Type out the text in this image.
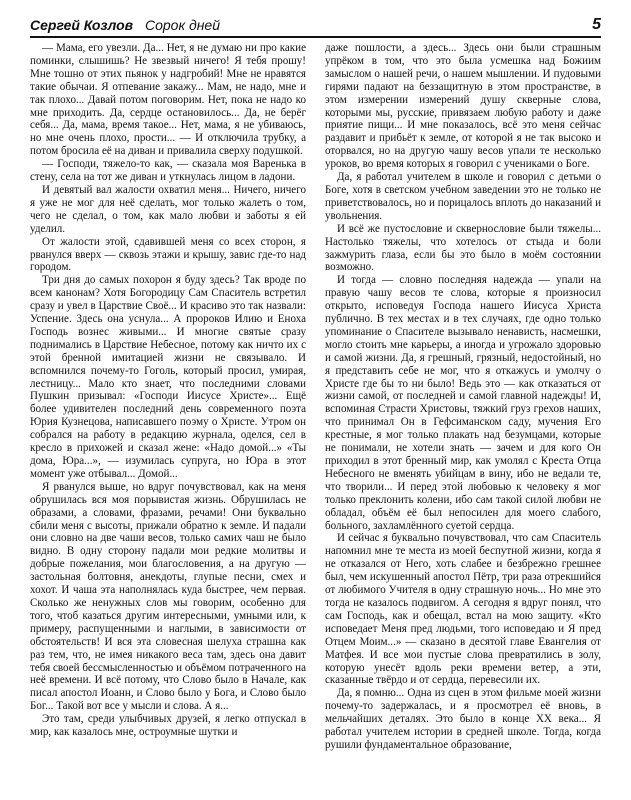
Сергей Козлов Сорок дней	5

— Мама, его увезли. Да... Нет, я не думаю ни про какие поминки, слышишь? Не звезвый ничего! Я тебя прошу! Мне тошно от этих пьянок у надгробий! Мне не нравятся такие обычаи. Я отпевание закажу... Мам, не надо, мне и так плохо... Давай потом поговорим. Нет, пока не надо ко мне приходить. Да, сердце остановилось... Да, не берёг себя... Да, мама, время такое... Нет, мама, я не убиваюсь, но мне очень плохо, прости... — И отключила трубку, а потом бросила её на диван и привалила сверху подушкой.

— Господи, тяжело-то как, — сказала моя Варенька в стену, села на тот же диван и уткнулась лицом в ладони.

И девятый вал жалости охватил меня... Ничего, ничего я уже не мог для неё сделать, мог только жалеть о том, чего не сделал, о том, как мало любви и заботы я ей уделил.

От жалости этой, сдавившей меня со всех сторон, я рванулся вверх — сквозь этажи и крышу, завис где-то над городом.

Три дня до самых похорон я буду здесь? Так вроде по всем канонам? Хотя Богородицу Сам Спаситель встретил сразу и увел в Царствие Своё... И красиво это так назвали: Успение. Здесь она уснула... А пророков Илию и Еноха Господь вознес живыми... И многие святые сразу поднимались в Царствие Небесное, потому как ничто их с этой бренной имитацией жизни не связывало. И вспомнился почему-то Гоголь, который просил, умирая, лестницу... Мало кто знает, что последними словами Пушкин призывал: «Господи Иисусе Христе»... Ещё более удивителен последний день современного поэта Юрия Кузнецова, написавшего поэму о Христе. Утром он собрался на работу в редакцию журнала, оделся, сел в кресло в прихожей и сказал жене: «Надо домой...» «Ты дома, Юра...», — изумилась супруга, но Юра в этот момент уже отбывал... Домой...

Я рванулся выше, но вдруг почувствовал, как на меня обрушилась вся моя порывистая жизнь. Обрушилась не образами, а словами, фразами, речами! Они буквально сбили меня с высоты, прижали обратно к земле. И падали они словно на две чаши весов, только самих чаш не было видно. В одну сторону падали мои редкие молитвы и добрые пожелания, мои благословения, а на другую — застольная болтовня, анекдоты, глупые песни, смех и хохот. И чаша эта наполнялась куда быстрее, чем первая. Сколько же ненужных слов мы говорим, особенно для того, чтоб казаться другим интересными, умными или, к примеру, распущенными и наглыми, в зависимости от обстоятельств! И вся эта словесная шелуха страшна как раз тем, что, не имея никакого веса там, здесь она давит тебя своей бессмысленностью и объёмом потраченного на неё времени. И всё потому, что Слово было в Начале, как писал апостол Иоанн, и Слово было у Бога, и Слово было Бог... Такой вот все у мысли и слова. А я...

Это там, среди улыбчивых друзей, я легко отпускал в мир, как казалось мне, остроумные шутки и

даже пошлости, а здесь... Здесь они были страшным упрёком в том, что это была усмешка над Божиим замыслом о нашей речи, о нашем мышлении. И пудовыми гирями падают на беззащитную в этом пространстве, в этом измерении измерений душу скверные слова, которыми мы, русские, привязаем любую работу и даже приятие пищи... И мне показалось, всё это меня сейчас раздавит и прибьёт к земле, от которой я не так высоко и оторвался, но на другую чашу весов упали те несколько уроков, во время которых я говорил с учениками о Боге.

Да, я работал учителем в школе и говорил с детьми о Боге, хотя в светском учебном заведении это не только не приветствовалось, но и порицалось вплоть до наказаний и увольнения.

И всё же пустословие и сквернословие были тяжелы... Настолько тяжелы, что хотелось от стыда и боли зажмурить глаза, если бы это было в моём состоянии возможно.

И тогда — словно последняя надежда — упали на правую чашу весов те слова, которые я произносил открыто, исповедуя Господа нашего Иисуса Христа публично. В тех местах и в тех случаях, где одно только упоминание о Спасителе вызывало ненависть, насмешки, могло стоить мне карьеры, а иногда и угрожало здоровью и самой жизни. Да, я грешный, грязный, недостойный, но я представить себе не мог, что я откажусь и умолчу о Христе где бы то ни было! Ведь это — как отказаться от жизни самой, от последней и самой главной надежды! И, вспоминая Страсти Христовы, тяжкий груз грехов наших, что принимал Он в Гефсиманском саду, мучения Его крестные, я мог только плакать над безумцами, которые не понимали, не хотели знать — зачем и для кого Он приходил в этот бренный мир, как умолял с Креста Отца Небесного не вменять убийцам в вину, ибо не ведали те, что творили... И перед этой любовью к человеку я мог только преклонить колени, ибо сам такой силой любви не обладал, объём её был непосилен для моего слабого, больного, захламлённого суетой сердца.

И сейчас я буквально почувствовал, что сам Спаситель напомнил мне те места из моей беспутной жизни, когда я не отказался от Него, хоть слабее и безбрежно грешнее был, чем искушенный апостол Пётр, три раза отрекшийся от любимого Учителя в одну страшную ночь... Но мне это тогда не казалось подвигом. А сегодня я вдруг понял, что сам Господь, как и обещал, встал на мою защиту. «Кто исповедает Меня пред людьми, того исповедаю и Я пред Отцем Моим...» — сказано в десятой главе Евангелия от Матфея. И все мои пустые слова превратились в золу, которую унесёт вдоль реки времени ветер, а эти, сказанные твёрдо и от сердца, перевесили их.

Да, я помню... Одна из сцен в этом фильме моей жизни почему-то задержалась, и я просмотрел её вновь, в мельчайших деталях. Это было в конце ХХ века... Я работал учителем истории в средней школе. Тогда, когда рушили фундаментальное образование,
